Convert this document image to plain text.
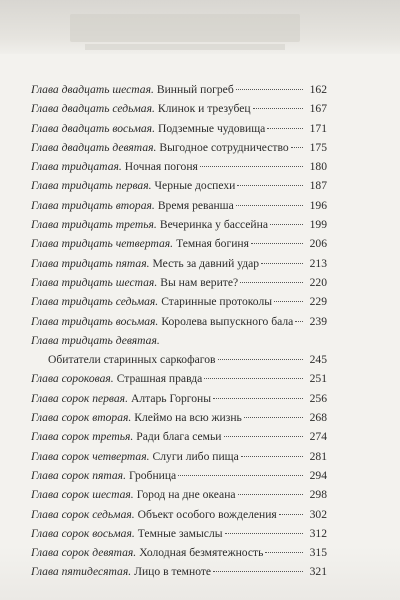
Глава двадцать шестая. Винный погреб	162
Глава двадцать седьмая. Клинок и трезубец	167
Глава двадцать восьмая. Подземные чудовища	171
Глава двадцать девятая. Выгодное сотрудничество	175
Глава тридцатая. Ночная погоня	180
Глава тридцать первая. Черные доспехи	187
Глава тридцать вторая. Время реванша	196
Глава тридцать третья. Вечеринка у бассейна	199
Глава тридцать четвертая. Темная богиня	206
Глава тридцать пятая. Месть за давний удар	213
Глава тридцать шестая. Вы нам верите?	220
Глава тридцать седьмая. Старинные протоколы	229
Глава тридцать восьмая. Королева выпускного бала	239
Глава тридцать девятая.
Обитатели старинных саркофагов	245
Глава сороковая. Страшная правда	251
Глава сорок первая. Алтарь Горгоны	256
Глава сорок вторая. Клеймо на всю жизнь	268
Глава сорок третья. Ради блага семьи	274
Глава сорок четвертая. Слуги либо пища	281
Глава сорок пятая. Гробница	294
Глава сорок шестая. Город на дне океана	298
Глава сорок седьмая. Объект особого вожделения	302
Глава сорок восьмая. Темные замыслы	312
Глава сорок девятая. Холодная безмятежность	315
Глава пятидесятая. Лицо в темноте	321
